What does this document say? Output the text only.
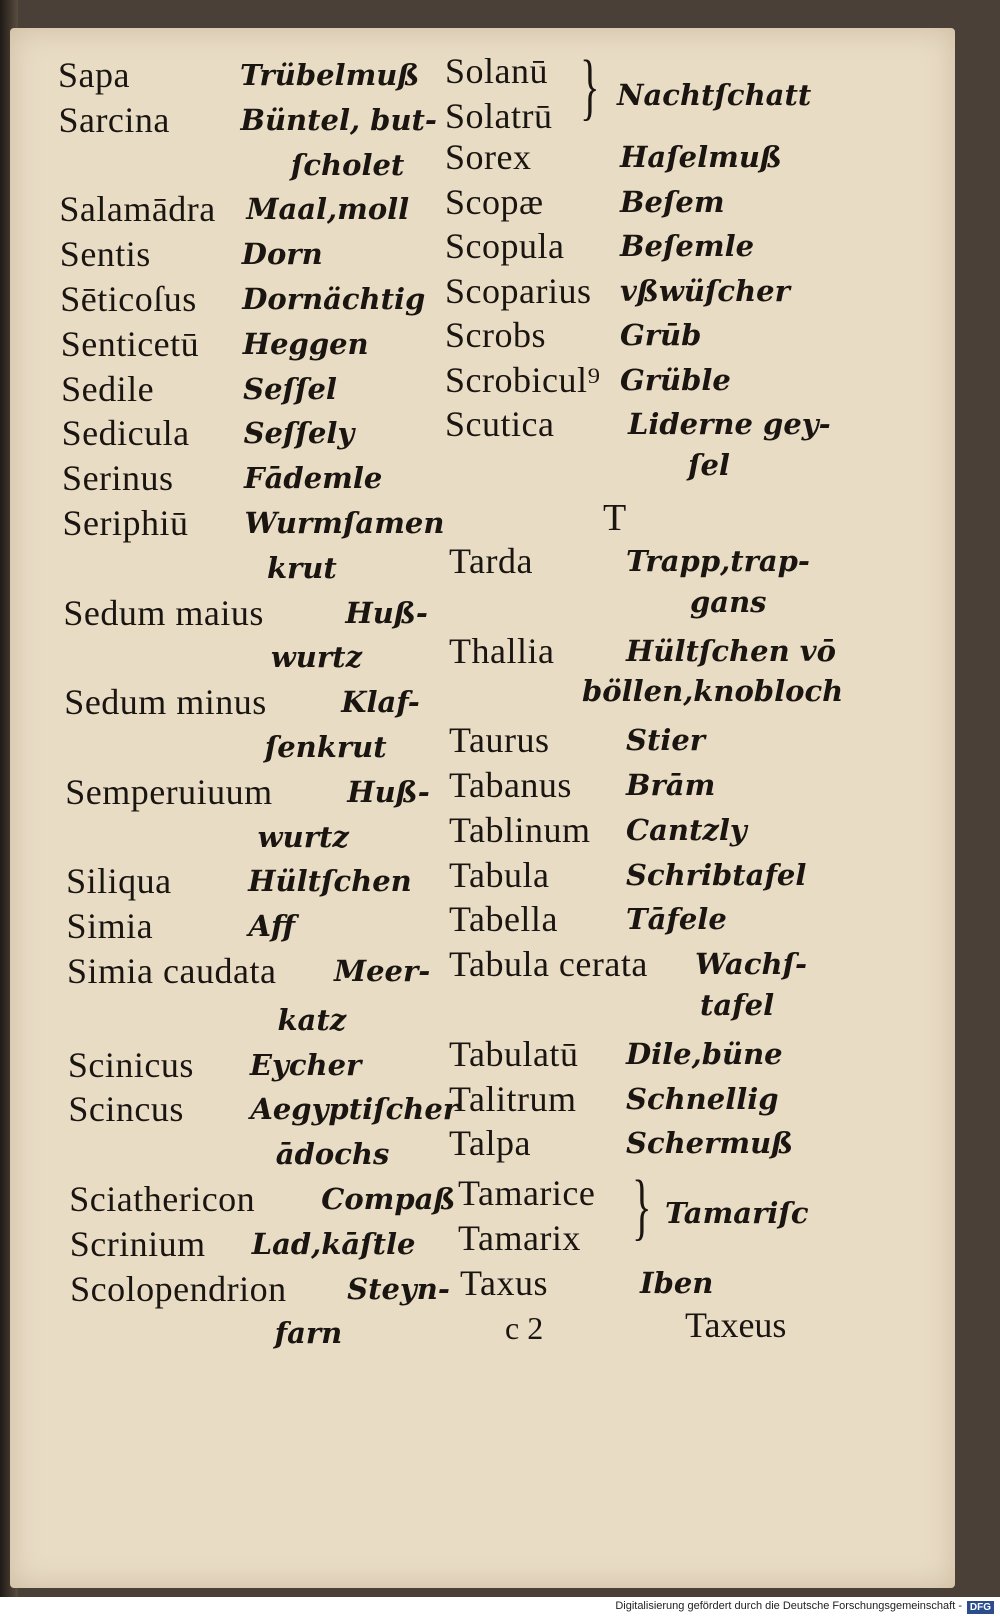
Sapa	Trübelmuß
Sarcina Büntel, but-
ſcholet
Salamādra Maal,moll
Sentis	Dorn
Sēticoſus Dornächtig
Senticetū Heggen
Sedile	Seſſel
Sedicula Seſſely
Serinus Fādemle
Seriphiū Wurmſamen
krut
Sedum maius	Huß-
wurtz
Sedum minus	Klaf-
ſenkrut
Semperuiuum	Huß-
wurtz
Siliqua	Hültſchen
Simia	Aff
Simia caudata Meer-
katz
Scinicus Eycher
Scincus Aegyptiſcher
ādochs
Sciathericon Compaß
Scrinium Lad,kāſtle
Scolopendrion Steyn-
farn
Solanū
Solatrū } Nachtſchatt
Sorex	Haſelmuß
Scopæ	Beſem
Scopula Beſemle
Scoparius vßwüſcher
Scrobs	Grūb
Scrobicul⁹ Grüble
Scutica	Liderne gey-
ſel
T
Tarda	Trapp,trap-
gans
Thallia Hültſchen vō
böllen,knobloch
Taurus	Stier
Tabanus Brām
Tablinum Cantzly
Tabula	Schribtafel
Tabella Tāfele
Tabula cerata Wachſ-
tafel
Tabulatū Dile,büne
Talitrum Schnellig
Talpa	Schermuß
Tamarice
Tamarix } Tamariſc
Taxus	Iben
c 2	Taxeus
Digitalisierung gefördert durch die Deutsche Forschungsgemeinschaft - DFG
